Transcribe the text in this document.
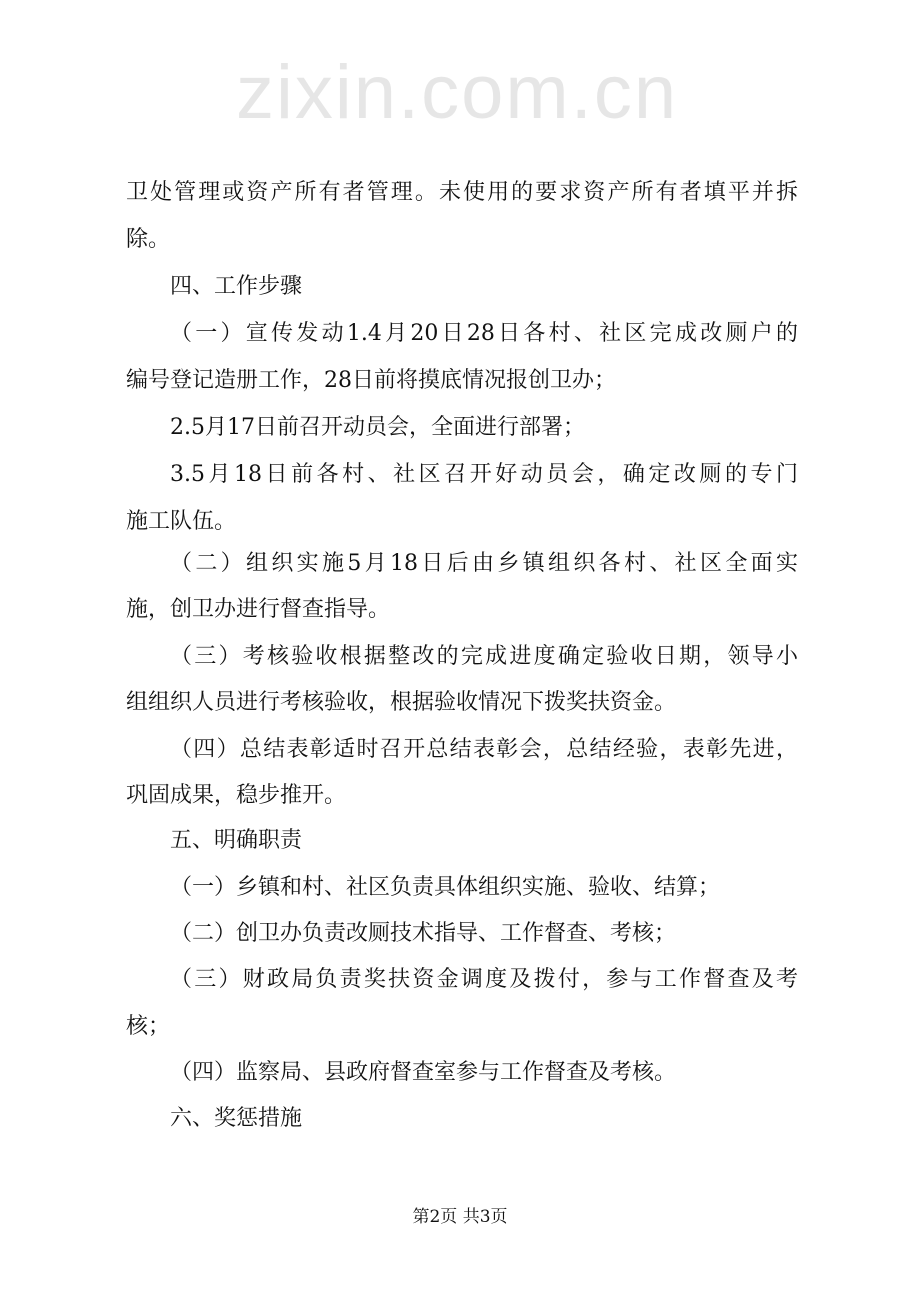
zixin.com.cn
卫处管理或资产所有者管理。未使用的要求资产所有者填平并拆
除。
四、工作步骤
（一）宣传发动1.4月20日28日各村、社区完成改厕户的
编号登记造册工作，28日前将摸底情况报创卫办；
2.5月17日前召开动员会，全面进行部署；
3.5月18日前各村、社区召开好动员会，确定改厕的专门
施工队伍。
（二）组织实施5月18日后由乡镇组织各村、社区全面实
施，创卫办进行督查指导。
（三）考核验收根据整改的完成进度确定验收日期，领导小
组组织人员进行考核验收，根据验收情况下拨奖扶资金。
（四）总结表彰适时召开总结表彰会，总结经验，表彰先进，
巩固成果，稳步推开。
五、明确职责
（一）乡镇和村、社区负责具体组织实施、验收、结算；
（二）创卫办负责改厕技术指导、工作督查、考核；
（三）财政局负责奖扶资金调度及拨付，参与工作督查及考
核；
（四）监察局、县政府督查室参与工作督查及考核。
六、奖惩措施
第2页 共3页
